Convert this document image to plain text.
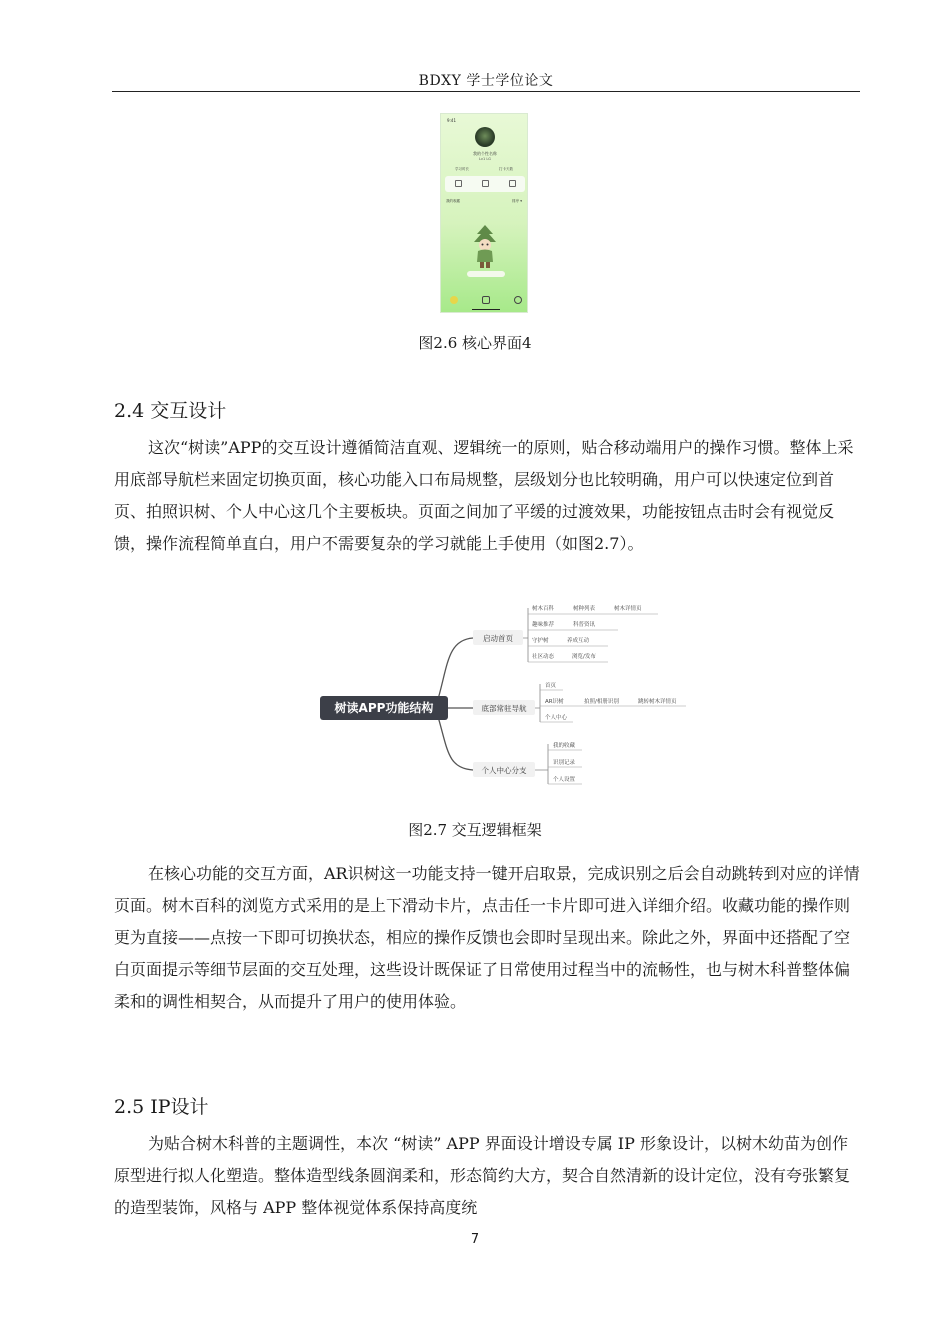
BDXY 学士学位论文
9:41
我的个性名称
Lv1 LG
学习时长	打卡天数
我的收藏	排序 ▾
图2.6 核心界面4
2.4 交互设计

这次“树读”APP的交互设计遵循简洁直观、逻辑统一的原则，贴合移动端用户的操作习惯。整体上采用底部导航栏来固定切换页面，核心功能入口布局规整，层级划分也比较明确，用户可以快速定位到首页、拍照识树、个人中心这几个主要板块。页面之间加了平缓的过渡效果，功能按钮点击时会有视觉反馈，操作流程简单直白，用户不需要复杂的学习就能上手使用（如图2.7）。

树读APP功能结构
启动首页
树木百科	树种列表	树木详情页
趣味推荐	科普资讯
守护树	养成互动
社区动态	浏览/发布
底部常驻导航
首页
AR识树	拍照/相册识别	跳转树木详情页
个人中心
个人中心分支
我的收藏
识别记录
个人设置
图2.7 交互逻辑框架

在核心功能的交互方面，AR识树这一功能支持一键开启取景，完成识别之后会自动跳转到对应的详情页面。树木百科的浏览方式采用的是上下滑动卡片，点击任一卡片即可进入详细介绍。收藏功能的操作则更为直接——点按一下即可切换状态，相应的操作反馈也会即时呈现出来。除此之外，界面中还搭配了空白页面提示等细节层面的交互处理，这些设计既保证了日常使用过程当中的流畅性，也与树木科普整体偏柔和的调性相契合，从而提升了用户的使用体验。

2.5 IP设计

为贴合树木科普的主题调性，本次 “树读” APP 界面设计增设专属 IP 形象设计，以树木幼苗为创作原型进行拟人化塑造。整体造型线条圆润柔和，形态简约大方，契合自然清新的设计定位，没有夸张繁复的造型装饰，风格与 APP 整体视觉体系保持高度统

7
